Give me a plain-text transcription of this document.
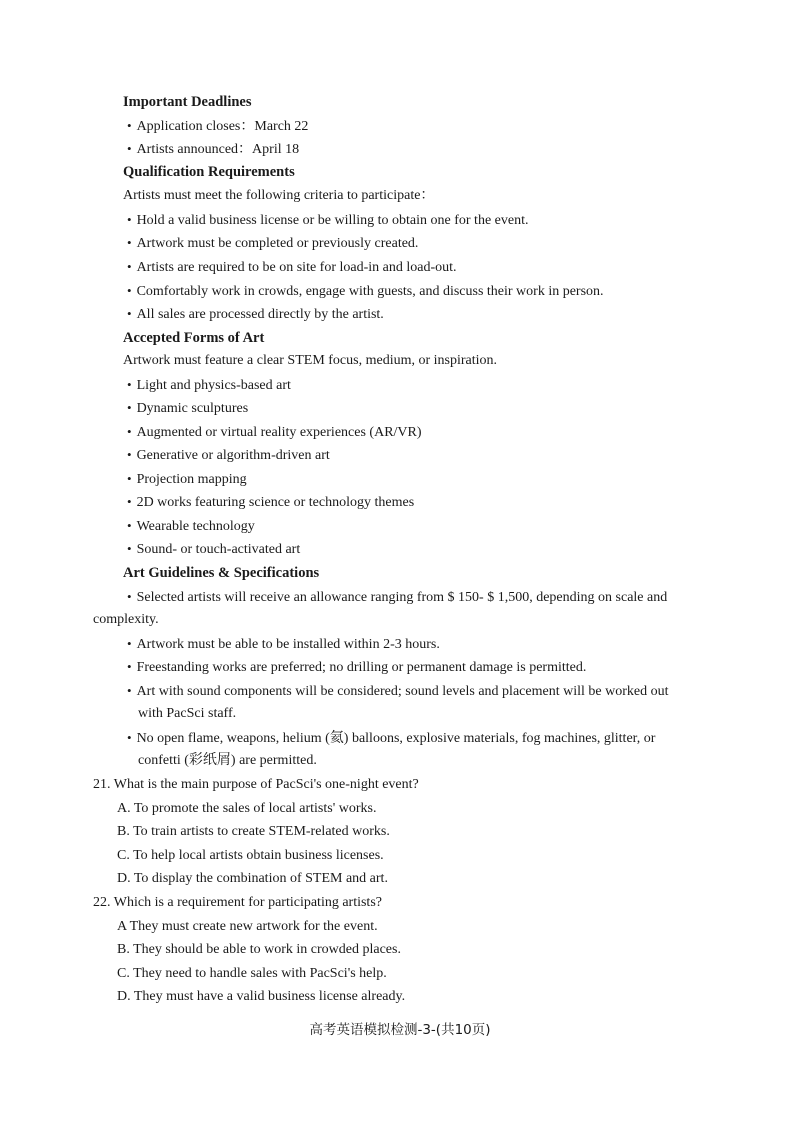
Important Deadlines
• Application closes：March 22
• Artists announced：April 18
Qualification Requirements
Artists must meet the following criteria to participate：
• Hold a valid business license or be willing to obtain one for the event.
• Artwork must be completed or previously created.
• Artists are required to be on site for load-in and load-out.
• Comfortably work in crowds, engage with guests, and discuss their work in person.
• All sales are processed directly by the artist.
Accepted Forms of Art
Artwork must feature a clear STEM focus, medium, or inspiration.
• Light and physics-based art
• Dynamic sculptures
• Augmented or virtual reality experiences (AR/VR)
• Generative or algorithm-driven art
• Projection mapping
• 2D works featuring science or technology themes
• Wearable technology
• Sound- or touch-activated art
Art Guidelines & Specifications
• Selected artists will receive an allowance ranging from $ 150- $ 1,500, depending on scale and
complexity.
• Artwork must be able to be installed within 2-3 hours.
• Freestanding works are preferred; no drilling or permanent damage is permitted.
• Art with sound components will be considered; sound levels and placement will be worked out
with PacSci staff.
• No open flame, weapons, helium (氦) balloons, explosive materials, fog machines, glitter, or
confetti (彩纸屑) are permitted.
21. What is the main purpose of PacSci's one-night event?
A. To promote the sales of local artists' works.
B. To train artists to create STEM-related works.
C. To help local artists obtain business licenses.
D. To display the combination of STEM and art.
22. Which is a requirement for participating artists?
A They must create new artwork for the event.
B. They should be able to work in crowded places.
C. They need to handle sales with PacSci's help.
D. They must have a valid business license already.
高考英语模拟检测-3-(共10页)
